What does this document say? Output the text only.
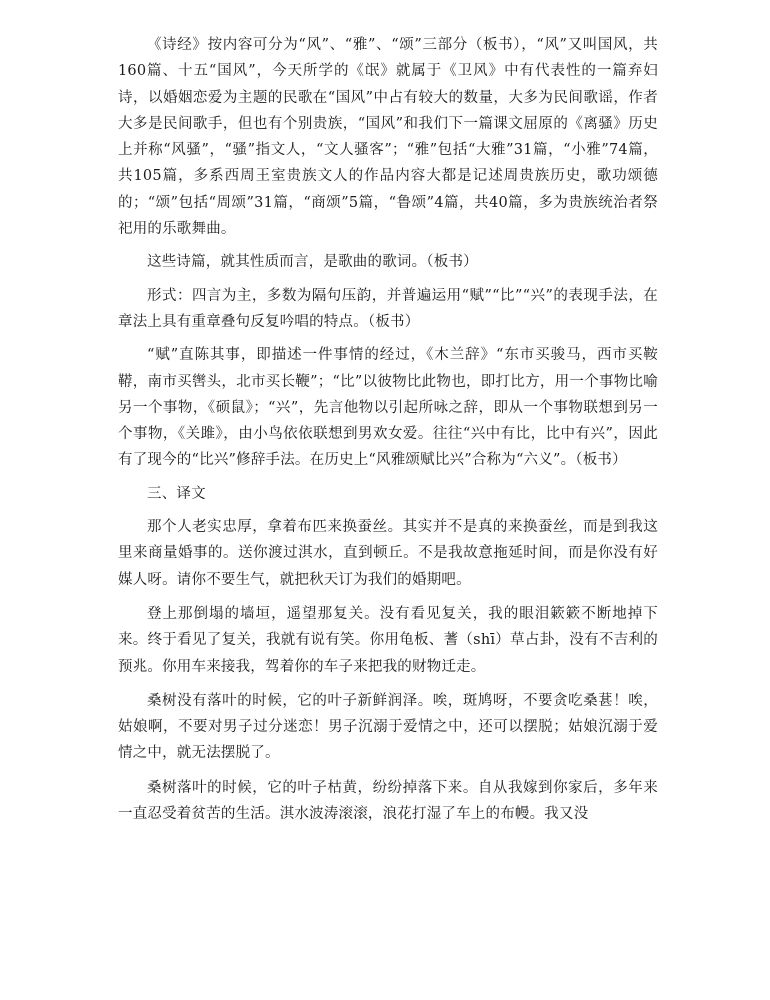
《诗经》按内容可分为“风”、“雅”、“颂”三部分（板书），“风”又叫国风，共160篇、十五“国风”，今天所学的《氓》就属于《卫风》中有代表性的一篇弃妇诗，以婚姻恋爱为主题的民歌在“国风”中占有较大的数量，大多为民间歌谣，作者大多是民间歌手，但也有个别贵族，“国风”和我们下一篇课文屈原的《离骚》历史上并称“风骚”，“骚”指文人，“文人骚客”；“雅”包括“大雅”31篇，“小雅”74篇，共105篇，多系西周王室贵族文人的作品内容大都是记述周贵族历史，歌功颂德的；“颂”包括“周颂”31篇，“商颂”5篇，“鲁颂”4篇，共40篇，多为贵族统治者祭祀用的乐歌舞曲。

这些诗篇，就其性质而言，是歌曲的歌词。（板书）

形式：四言为主，多数为隔句压韵，并普遍运用“赋”“比”“兴”的表现手法，在章法上具有重章叠句反复吟唱的特点。（板书）

“赋”直陈其事，即描述一件事情的经过，《木兰辞》“东市买骏马，西市买鞍鞯，南市买辔头，北市买长鞭”；“比”以彼物比此物也，即打比方，用一个事物比喻另一个事物，《硕鼠》；“兴”，先言他物以引起所咏之辞，即从一个事物联想到另一个事物，《关雎》，由小鸟依依联想到男欢女爱。往往“兴中有比，比中有兴”，因此有了现今的“比兴”修辞手法。在历史上“风雅颂赋比兴”合称为“六义”。（板书）

三、译文

那个人老实忠厚，拿着布匹来换蚕丝。其实并不是真的来换蚕丝，而是到我这里来商量婚事的。送你渡过淇水，直到顿丘。不是我故意拖延时间，而是你没有好媒人呀。请你不要生气，就把秋天订为我们的婚期吧。

登上那倒塌的墙垣，遥望那复关。没有看见复关，我的眼泪簌簌不断地掉下来。终于看见了复关，我就有说有笑。你用龟板、蓍（shī）草占卦，没有不吉利的预兆。你用车来接我，驾着你的车子来把我的财物迁走。

桑树没有落叶的时候，它的叶子新鲜润泽。唉，斑鸠呀，不要贪吃桑葚！唉，姑娘啊，不要对男子过分迷恋！男子沉溺于爱情之中，还可以摆脱；姑娘沉溺于爱情之中，就无法摆脱了。

桑树落叶的时候，它的叶子枯黄，纷纷掉落下来。自从我嫁到你家后，多年来一直忍受着贫苦的生活。淇水波涛滚滚，浪花打湿了车上的布幔。我又没
